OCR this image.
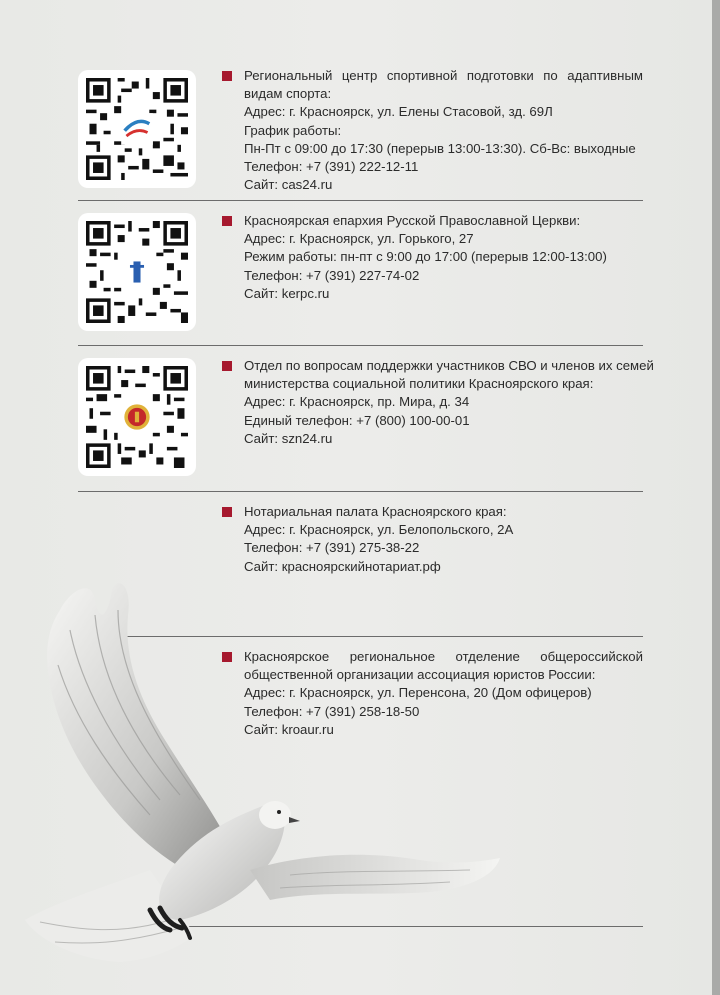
Региональный центр спортивной подготовки по адаптивным
видам спорта:
Адрес: г. Красноярск, ул. Елены Стасовой, зд. 69Л
График работы:
Пн-Пт с 09:00 до 17:30 (перерыв 13:00-13:30). Сб-Вс: выходные
Телефон: +7 (391) 222-12-11
Сайт: cas24.ru
Красноярская епархия Русской Православной Церкви:
Адрес: г. Красноярск, ул. Горького, 27
Режим работы: пн-пт с 9:00 до 17:00 (перерыв 12:00-13:00)
Телефон: +7 (391) 227-74-02
Сайт: kerpc.ru
Отдел по вопросам поддержки участников СВО и членов их семей
министерства социальной политики Красноярского края:
Адрес: г. Красноярск, пр. Мира, д. 34
Единый телефон: +7 (800) 100-00-01
Сайт: szn24.ru
Нотариальная палата Красноярского края:
Адрес: г. Красноярск, ул. Белопольского, 2А
Телефон: +7 (391) 275-38-22
Сайт: красноярскийнотариат.рф
Красноярское региональное отделение общероссийской
общественной организации ассоциация юристов России:
Адрес: г. Красноярск, ул. Перенсона, 20 (Дом офицеров)
Телефон: +7 (391) 258-18-50
Сайт: kroaur.ru
